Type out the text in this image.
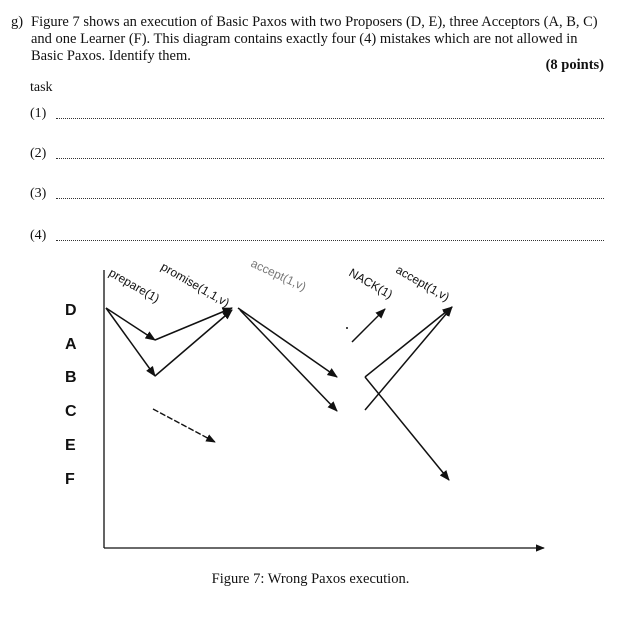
g) Figure 7 shows an execution of Basic Paxos with two Proposers (D, E), three Acceptors (A, B, C) and one Learner (F). This diagram contains exactly four (4) mistakes which are not allowed in Basic Paxos. Identify them.
(8 points)
task
(1)
(2)
(3)
(4)
D
A
B
C
E
F
prepare(1)
promise(1,1,v) accept(1,v)	NACK(1)
accept(1,v)
Figure 7: Wrong Paxos execution.
